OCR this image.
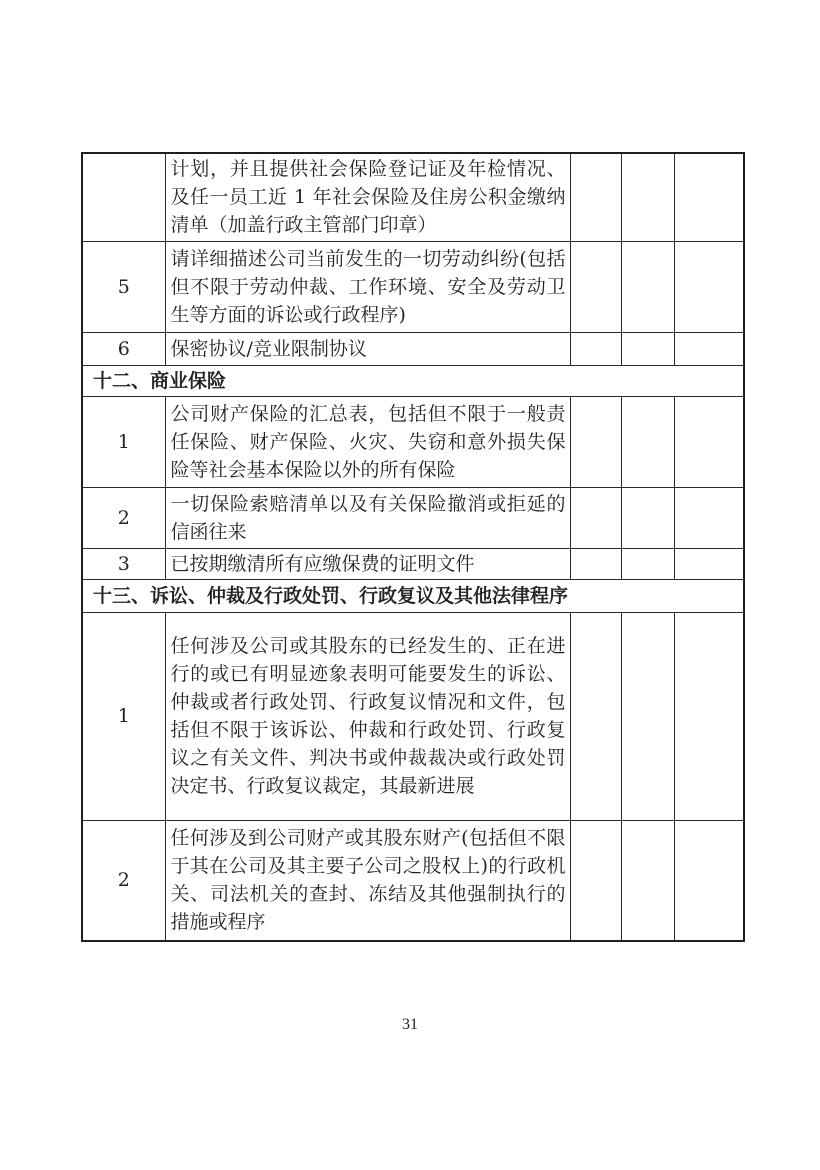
	计划，并且提供社会保险登记证及年检情况、及任一员工近 1 年社会保险及住房公积金缴纳清单（加盖行政主管部门印章）			
5	请详细描述公司当前发生的一切劳动纠纷(包括但不限于劳动仲裁、工作环境、安全及劳动卫生等方面的诉讼或行政程序)			
6	保密协议/竞业限制协议			
十二、商业保险				
1	公司财产保险的汇总表，包括但不限于一般责任保险、财产保险、火灾、失窃和意外损失保险等社会基本保险以外的所有保险			
2	一切保险索赔清单以及有关保险撤消或拒延的信函往来			
3	已按期缴清所有应缴保费的证明文件			
十三、诉讼、仲裁及行政处罚、行政复议及其他法律程序				
1	任何涉及公司或其股东的已经发生的、正在进行的或已有明显迹象表明可能要发生的诉讼、仲裁或者行政处罚、行政复议情况和文件，包括但不限于该诉讼、仲裁和行政处罚、行政复议之有关文件、判决书或仲裁裁决或行政处罚决定书、行政复议裁定，其最新进展			
2	任何涉及到公司财产或其股东财产(包括但不限于其在公司及其主要子公司之股权上)的行政机关、司法机关的查封、冻结及其他强制执行的措施或程序			
31
